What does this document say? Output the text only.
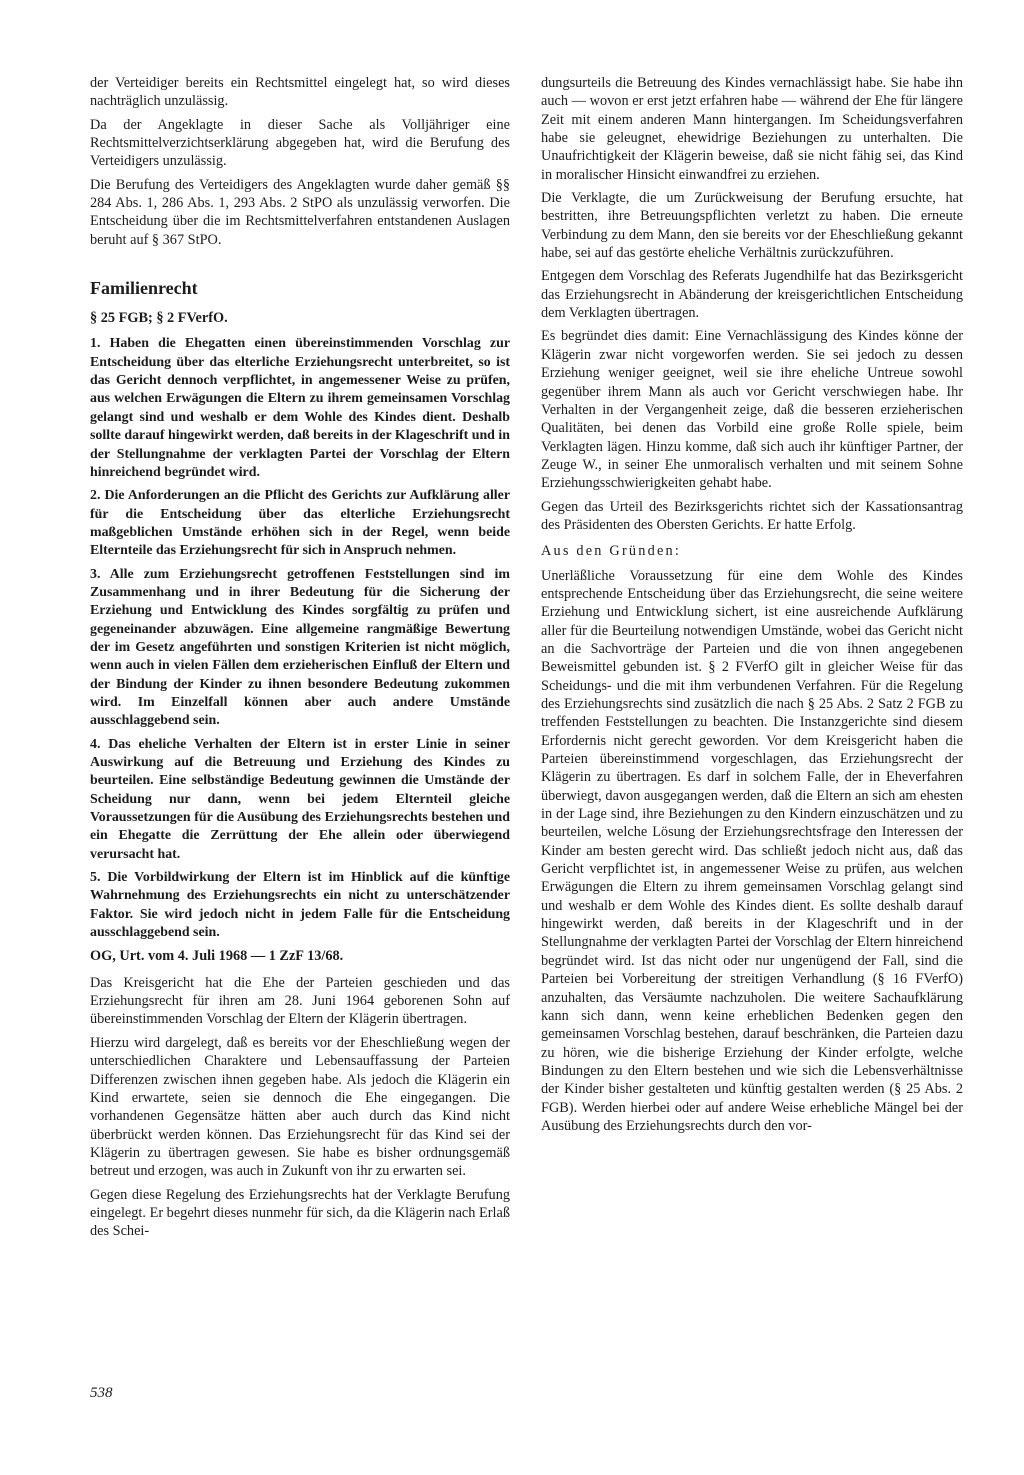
der Verteidiger bereits ein Rechtsmittel eingelegt hat, so wird dieses nachträglich unzulässig.

Da der Angeklagte in dieser Sache als Volljähriger eine Rechtsmittelverzichtserklärung abgegeben hat, wird die Berufung des Verteidigers unzulässig.

Die Berufung des Verteidigers des Angeklagten wurde daher gemäß §§ 284 Abs. 1, 286 Abs. 1, 293 Abs. 2 StPO als unzulässig verworfen. Die Entscheidung über die im Rechtsmittelverfahren entstandenen Auslagen beruht auf § 367 StPO.

Familienrecht

§ 25 FGB; § 2 FVerfO.

1. Haben die Ehegatten einen übereinstimmenden Vorschlag zur Entscheidung über das elterliche Erziehungsrecht unterbreitet, so ist das Gericht dennoch verpflichtet, in angemessener Weise zu prüfen, aus welchen Erwägungen die Eltern zu ihrem gemeinsamen Vorschlag gelangt sind und weshalb er dem Wohle des Kindes dient. Deshalb sollte darauf hingewirkt werden, daß bereits in der Klageschrift und in der Stellungnahme der verklagten Partei der Vorschlag der Eltern hinreichend begründet wird.

2. Die Anforderungen an die Pflicht des Gerichts zur Aufklärung aller für die Entscheidung über das elterliche Erziehungsrecht maßgeblichen Umstände erhöhen sich in der Regel, wenn beide Elternteile das Erziehungsrecht für sich in Anspruch nehmen.

3. Alle zum Erziehungsrecht getroffenen Feststellungen sind im Zusammenhang und in ihrer Bedeutung für die Sicherung der Erziehung und Entwicklung des Kindes sorgfältig zu prüfen und gegeneinander abzuwägen. Eine allgemeine rangmäßige Bewertung der im Gesetz angeführten und sonstigen Kriterien ist nicht möglich, wenn auch in vielen Fällen dem erzieherischen Einfluß der Eltern und der Bindung der Kinder zu ihnen besondere Bedeutung zukommen wird. Im Einzelfall können aber auch andere Umstände ausschlaggebend sein.

4. Das eheliche Verhalten der Eltern ist in erster Linie in seiner Auswirkung auf die Betreuung und Erziehung des Kindes zu beurteilen. Eine selbständige Bedeutung gewinnen die Umstände der Scheidung nur dann, wenn bei jedem Elternteil gleiche Voraussetzungen für die Ausübung des Erziehungsrechts bestehen und ein Ehegatte die Zerrüttung der Ehe allein oder überwiegend verursacht hat.

5. Die Vorbildwirkung der Eltern ist im Hinblick auf die künftige Wahrnehmung des Erziehungsrechts ein nicht zu unterschätzender Faktor. Sie wird jedoch nicht in jedem Falle für die Entscheidung ausschlaggebend sein.

OG, Urt. vom 4. Juli 1968 — 1 ZzF 13/68.

Das Kreisgericht hat die Ehe der Parteien geschieden und das Erziehungsrecht für ihren am 28. Juni 1964 geborenen Sohn auf übereinstimmenden Vorschlag der Eltern der Klägerin übertragen.

Hierzu wird dargelegt, daß es bereits vor der Eheschließung wegen der unterschiedlichen Charaktere und Lebensauffassung der Parteien Differenzen zwischen ihnen gegeben habe. Als jedoch die Klägerin ein Kind erwartete, seien sie dennoch die Ehe eingegangen. Die vorhandenen Gegensätze hätten aber auch durch das Kind nicht überbrückt werden können. Das Erziehungsrecht für das Kind sei der Klägerin zu übertragen gewesen. Sie habe es bisher ordnungsgemäß betreut und erzogen, was auch in Zukunft von ihr zu erwarten sei.

Gegen diese Regelung des Erziehungsrechts hat der Verklagte Berufung eingelegt. Er begehrt dieses nunmehr für sich, da die Klägerin nach Erlaß des Schei-

dungsurteils die Betreuung des Kindes vernachlässigt habe. Sie habe ihn auch — wovon er erst jetzt erfahren habe — während der Ehe für längere Zeit mit einem anderen Mann hintergangen. Im Scheidungsverfahren habe sie geleugnet, ehewidrige Beziehungen zu unterhalten. Die Unaufrichtigkeit der Klägerin beweise, daß sie nicht fähig sei, das Kind in moralischer Hinsicht einwandfrei zu erziehen.

Die Verklagte, die um Zurückweisung der Berufung ersuchte, hat bestritten, ihre Betreuungspflichten verletzt zu haben. Die erneute Verbindung zu dem Mann, den sie bereits vor der Eheschließung gekannt habe, sei auf das gestörte eheliche Verhältnis zurückzuführen.

Entgegen dem Vorschlag des Referats Jugendhilfe hat das Bezirksgericht das Erziehungsrecht in Abänderung der kreisgerichtlichen Entscheidung dem Verklagten übertragen.

Es begründet dies damit: Eine Vernachlässigung des Kindes könne der Klägerin zwar nicht vorgeworfen werden. Sie sei jedoch zu dessen Erziehung weniger geeignet, weil sie ihre eheliche Untreue sowohl gegenüber ihrem Mann als auch vor Gericht verschwiegen habe. Ihr Verhalten in der Vergangenheit zeige, daß die besseren erzieherischen Qualitäten, bei denen das Vorbild eine große Rolle spiele, beim Verklagten lägen. Hinzu komme, daß sich auch ihr künftiger Partner, der Zeuge W., in seiner Ehe unmoralisch verhalten und mit seinem Sohne Erziehungsschwierigkeiten gehabt habe.

Gegen das Urteil des Bezirksgerichts richtet sich der Kassationsantrag des Präsidenten des Obersten Gerichts. Er hatte Erfolg.

Aus den Gründen:

Unerläßliche Voraussetzung für eine dem Wohle des Kindes entsprechende Entscheidung über das Erziehungsrecht, die seine weitere Erziehung und Entwicklung sichert, ist eine ausreichende Aufklärung aller für die Beurteilung notwendigen Umstände, wobei das Gericht nicht an die Sachvorträge der Parteien und die von ihnen angegebenen Beweismittel gebunden ist. § 2 FVerfO gilt in gleicher Weise für das Scheidungs- und die mit ihm verbundenen Verfahren. Für die Regelung des Erziehungsrechts sind zusätzlich die nach § 25 Abs. 2 Satz 2 FGB zu treffenden Feststellungen zu beachten. Die Instanzgerichte sind diesem Erfordernis nicht gerecht geworden. Vor dem Kreisgericht haben die Parteien übereinstimmend vorgeschlagen, das Erziehungsrecht der Klägerin zu übertragen. Es darf in solchem Falle, der in Eheverfahren überwiegt, davon ausgegangen werden, daß die Eltern an sich am ehesten in der Lage sind, ihre Beziehungen zu den Kindern einzuschätzen und zu beurteilen, welche Lösung der Erziehungsrechtsfrage den Interessen der Kinder am besten gerecht wird. Das schließt jedoch nicht aus, daß das Gericht verpflichtet ist, in angemessener Weise zu prüfen, aus welchen Erwägungen die Eltern zu ihrem gemeinsamen Vorschlag gelangt sind und weshalb er dem Wohle des Kindes dient. Es sollte deshalb darauf hingewirkt werden, daß bereits in der Klageschrift und in der Stellungnahme der verklagten Partei der Vorschlag der Eltern hinreichend begründet wird. Ist das nicht oder nur ungenügend der Fall, sind die Parteien bei Vorbereitung der streitigen Verhandlung (§ 16 FVerfO) anzuhalten, das Versäumte nachzuholen. Die weitere Sachaufklärung kann sich dann, wenn keine erheblichen Bedenken gegen den gemeinsamen Vorschlag bestehen, darauf beschränken, die Parteien dazu zu hören, wie die bisherige Erziehung der Kinder erfolgte, welche Bindungen zu den Eltern bestehen und wie sich die Lebensverhältnisse der Kinder bisher gestalteten und künftig gestalten werden (§ 25 Abs. 2 FGB). Werden hierbei oder auf andere Weise erhebliche Mängel bei der Ausübung des Erziehungsrechts durch den vor-

538
